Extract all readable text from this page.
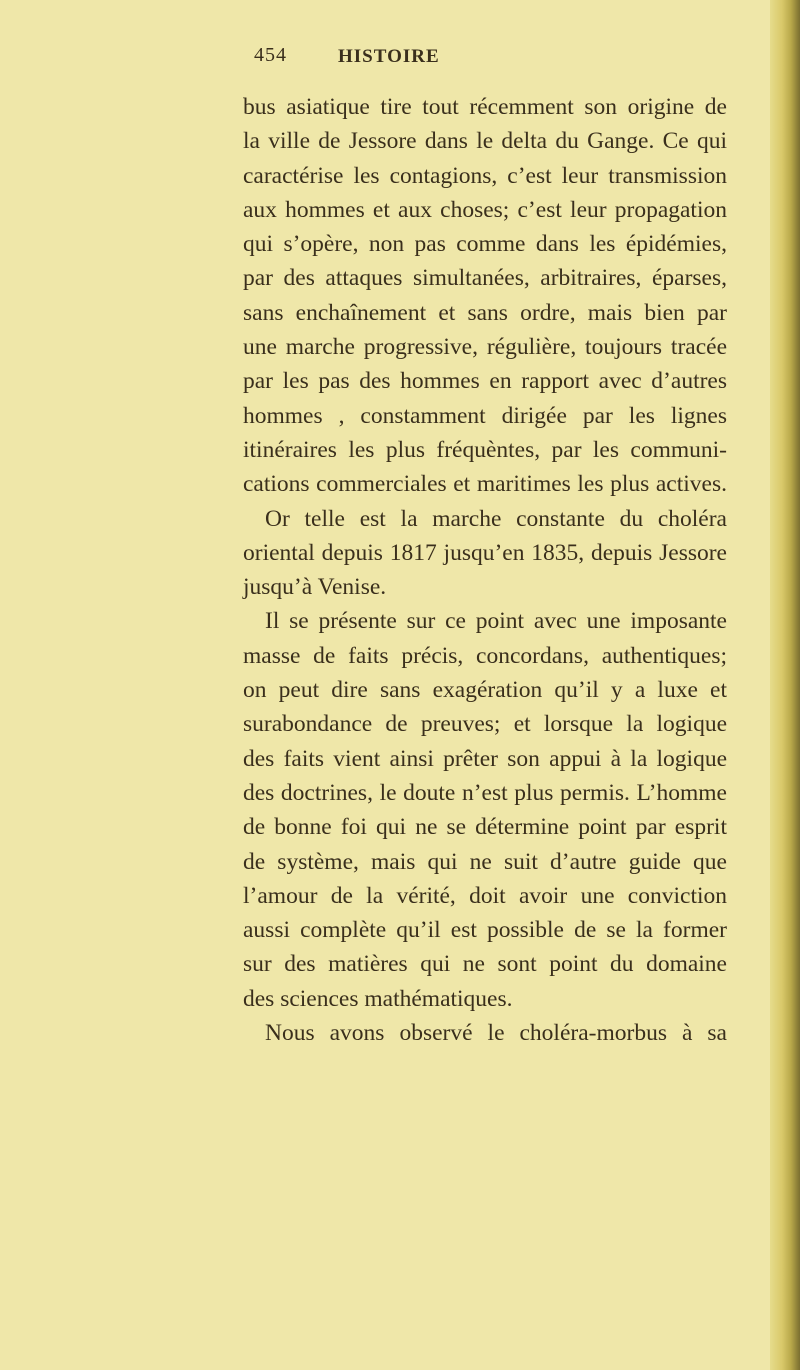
454	HISTOIRE
bus asiatique tire tout récemment son origine de
la ville de Jessore dans le delta du Gange. Ce qui
caractérise les contagions, c’est leur transmission
aux hommes et aux choses; c’est leur propagation
qui s’opère, non pas comme dans les épidémies,
par des attaques simultanées, arbitraires, éparses,
sans enchaînement et sans ordre, mais bien par
une marche progressive, régulière, toujours tracée
par les pas des hommes en rapport avec d’autres
hommes , constamment dirigée par les lignes
itinéraires les plus fréquèntes, par les communi-
cations commerciales et maritimes les plus actives.
Or telle est la marche constante du choléra
oriental depuis 1817 jusqu’en 1835, depuis Jessore
jusqu’à Venise.
Il se présente sur ce point avec une imposante
masse de faits précis, concordans, authentiques;
on peut dire sans exagération qu’il y a luxe et
surabondance de preuves; et lorsque la logique
des faits vient ainsi prêter son appui à la logique
des doctrines, le doute n’est plus permis. L’homme
de bonne foi qui ne se détermine point par esprit
de système, mais qui ne suit d’autre guide que
l’amour de la vérité, doit avoir une conviction
aussi complète qu’il est possible de se la former
sur des matières qui ne sont point du domaine
des sciences mathématiques.
Nous avons observé le choléra-morbus à sa
